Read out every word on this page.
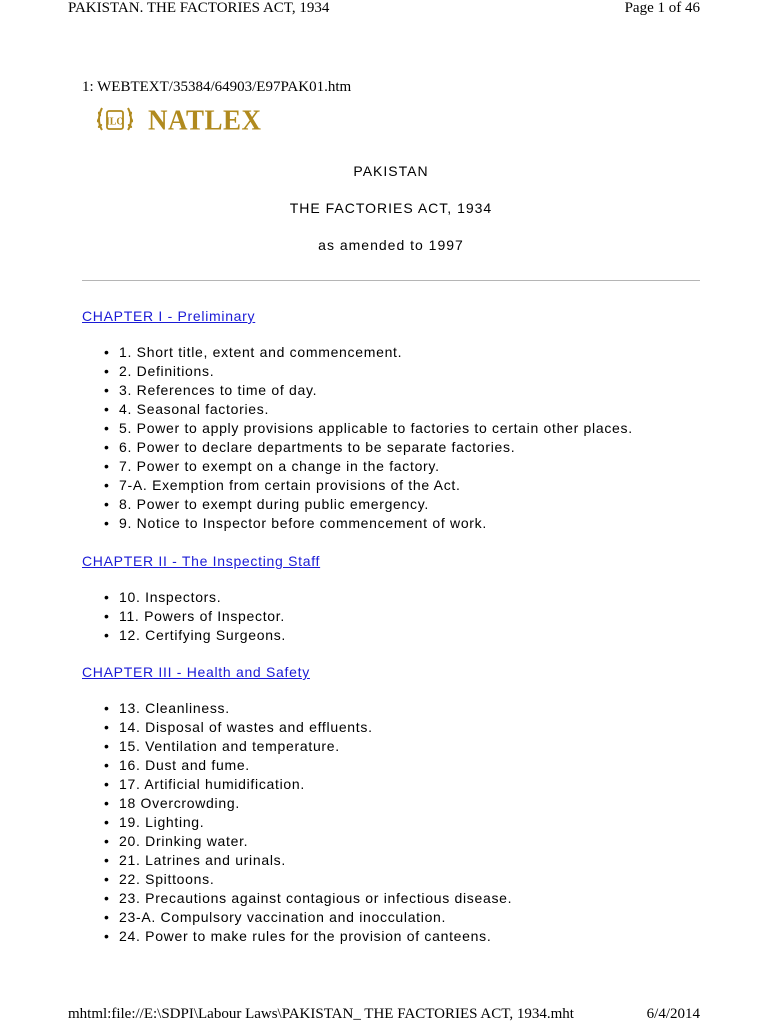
PAKISTAN. THE FACTORIES ACT, 1934	Page 1 of 46
1: WEBTEXT/35384/64903/E97PAK01.htm
ILO NATLEX
PAKISTAN
THE FACTORIES ACT, 1934
as amended to 1997
CHAPTER I - Preliminary
• 1. Short title, extent and commencement.
• 2. Definitions.
• 3. References to time of day.
• 4. Seasonal factories.
• 5. Power to apply provisions applicable to factories to certain other places.
• 6. Power to declare departments to be separate factories.
• 7. Power to exempt on a change in the factory.
• 7-A. Exemption from certain provisions of the Act.
• 8. Power to exempt during public emergency.
• 9. Notice to Inspector before commencement of work.
CHAPTER II - The Inspecting Staff
• 10. Inspectors.
• 11. Powers of Inspector.
• 12. Certifying Surgeons.
CHAPTER III - Health and Safety
• 13. Cleanliness.
• 14. Disposal of wastes and effluents.
• 15. Ventilation and temperature.
• 16. Dust and fume.
• 17. Artificial humidification.
• 18 Overcrowding.
• 19. Lighting.
• 20. Drinking water.
• 21. Latrines and urinals.
• 22. Spittoons.
• 23. Precautions against contagious or infectious disease.
• 23-A. Compulsory vaccination and inocculation.
• 24. Power to make rules for the provision of canteens.
mhtml:file://E:\SDPI\Labour Laws\PAKISTAN_ THE FACTORIES ACT, 1934.mht	6/4/2014
